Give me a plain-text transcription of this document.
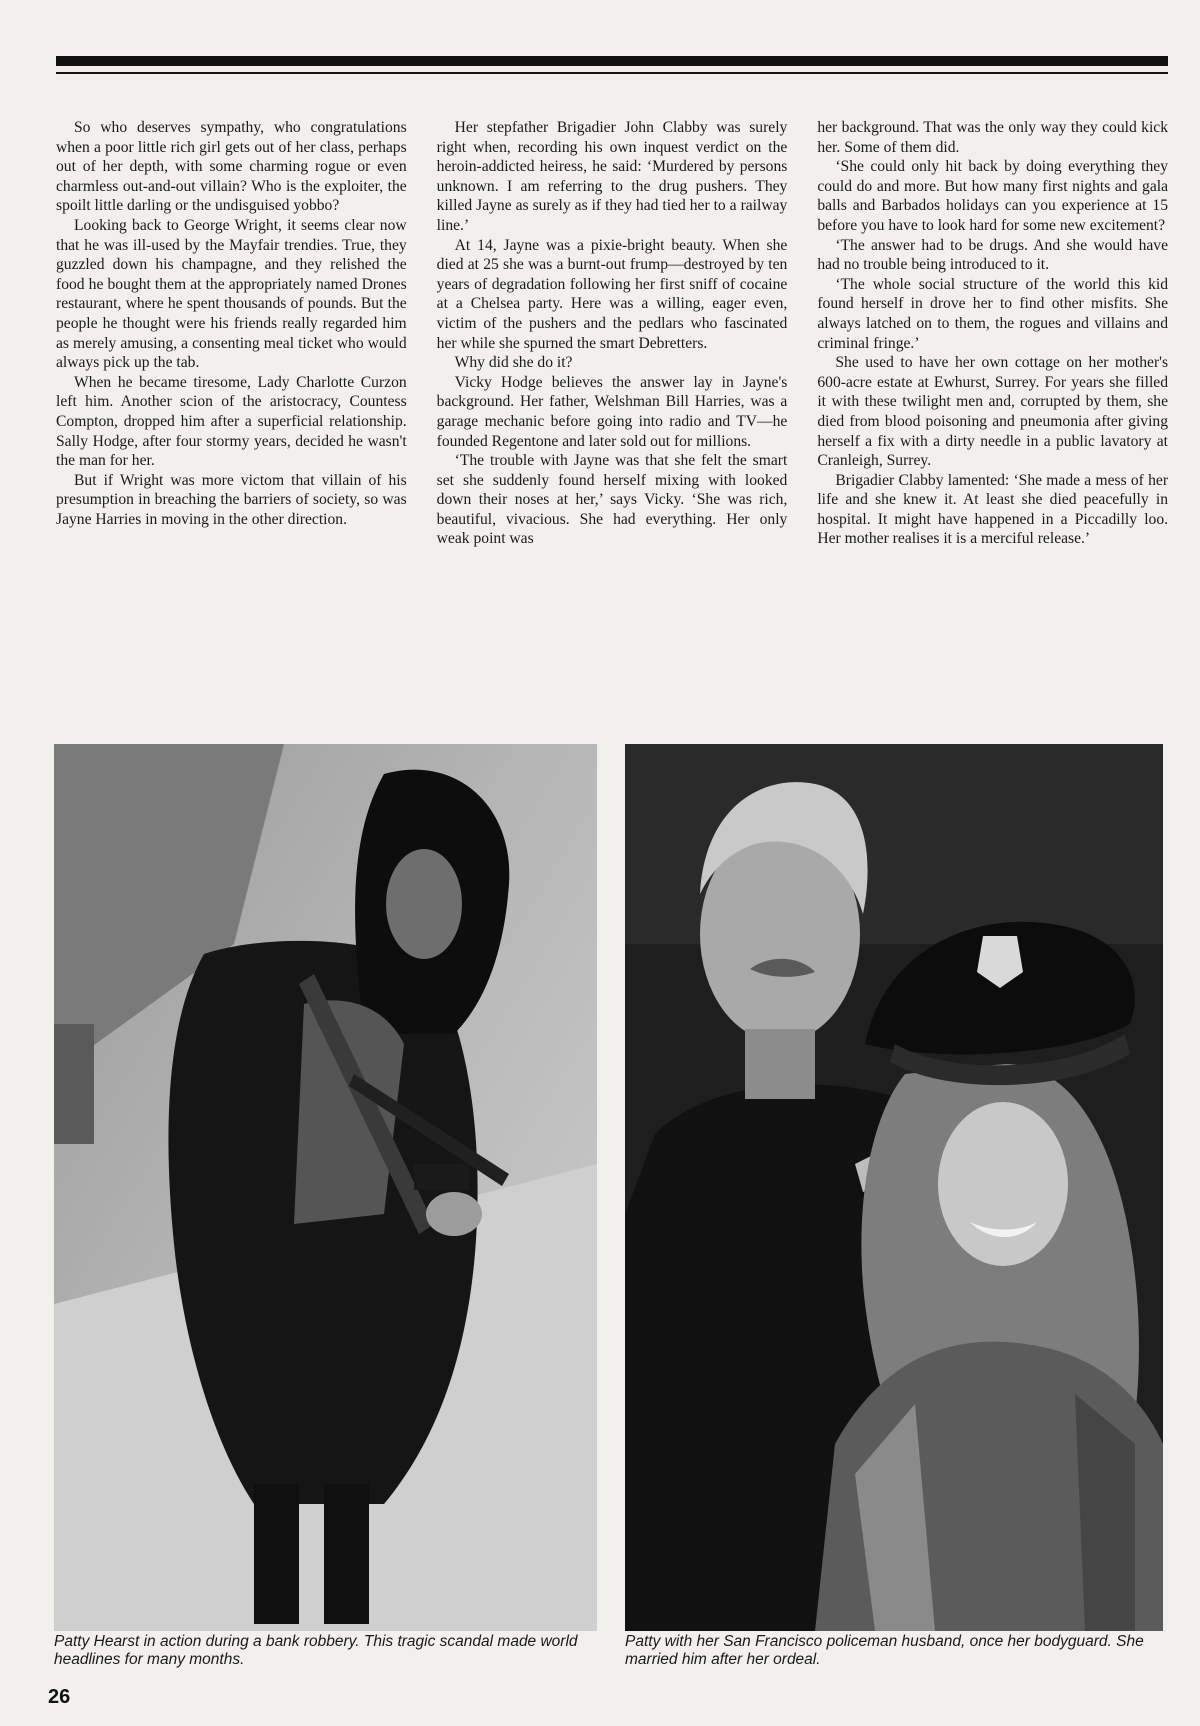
So who deserves sympathy, who congratulations when a poor little rich girl gets out of her class, perhaps out of her depth, with some charming rogue or even charmless out-and-out villain? Who is the exploiter, the spoilt little darling or the undisguised yobbo?

Looking back to George Wright, it seems clear now that he was ill-used by the Mayfair trendies. True, they guzzled down his champagne, and they relished the food he bought them at the appropriately named Drones restaurant, where he spent thousands of pounds. But the people he thought were his friends really regarded him as merely amusing, a consenting meal ticket who would always pick up the tab.

When he became tiresome, Lady Charlotte Curzon left him. Another scion of the aristocracy, Countess Compton, dropped him after a superficial relationship. Sally Hodge, after four stormy years, decided he wasn't the man for her.

But if Wright was more victom that villain of his presumption in breaching the barriers of society, so was Jayne Harries in moving in the other direction.

Her stepfather Brigadier John Clabby was surely right when, recording his own inquest verdict on the heroin-addicted heiress, he said: ‘Murdered by persons unknown. I am referring to the drug pushers. They killed Jayne as surely as if they had tied her to a railway line.’

At 14, Jayne was a pixie-bright beauty. When she died at 25 she was a burnt-out frump—destroyed by ten years of degradation following her first sniff of cocaine at a Chelsea party. Here was a willing, eager even, victim of the pushers and the pedlars who fascinated her while she spurned the smart Debretters.

Why did she do it?

Vicky Hodge believes the answer lay in Jayne's background. Her father, Welshman Bill Harries, was a garage mechanic before going into radio and TV—he founded Regentone and later sold out for millions.

‘The trouble with Jayne was that she felt the smart set she suddenly found herself mixing with looked down their noses at her,’ says Vicky. ‘She was rich, beautiful, vivacious. She had everything. Her only weak point was

her background. That was the only way they could kick her. Some of them did.

‘She could only hit back by doing everything they could do and more. But how many first nights and gala balls and Barbados holidays can you experience at 15 before you have to look hard for some new excitement?

‘The answer had to be drugs. And she would have had no trouble being introduced to it.

‘The whole social structure of the world this kid found herself in drove her to find other misfits. She always latched on to them, the rogues and villains and criminal fringe.’

She used to have her own cottage on her mother's 600-acre estate at Ewhurst, Surrey. For years she filled it with these twilight men and, corrupted by them, she died from blood poisoning and pneumonia after giving herself a fix with a dirty needle in a public lavatory at Cranleigh, Surrey.

Brigadier Clabby lamented: ‘She made a mess of her life and she knew it. At least she died peacefully in hospital. It might have happened in a Piccadilly loo. Her mother realises it is a merciful release.’

Patty Hearst in action during a bank robbery. This tragic scandal made world headlines for many months.
Patty with her San Francisco policeman husband, once her bodyguard. She married him after her ordeal.
26
